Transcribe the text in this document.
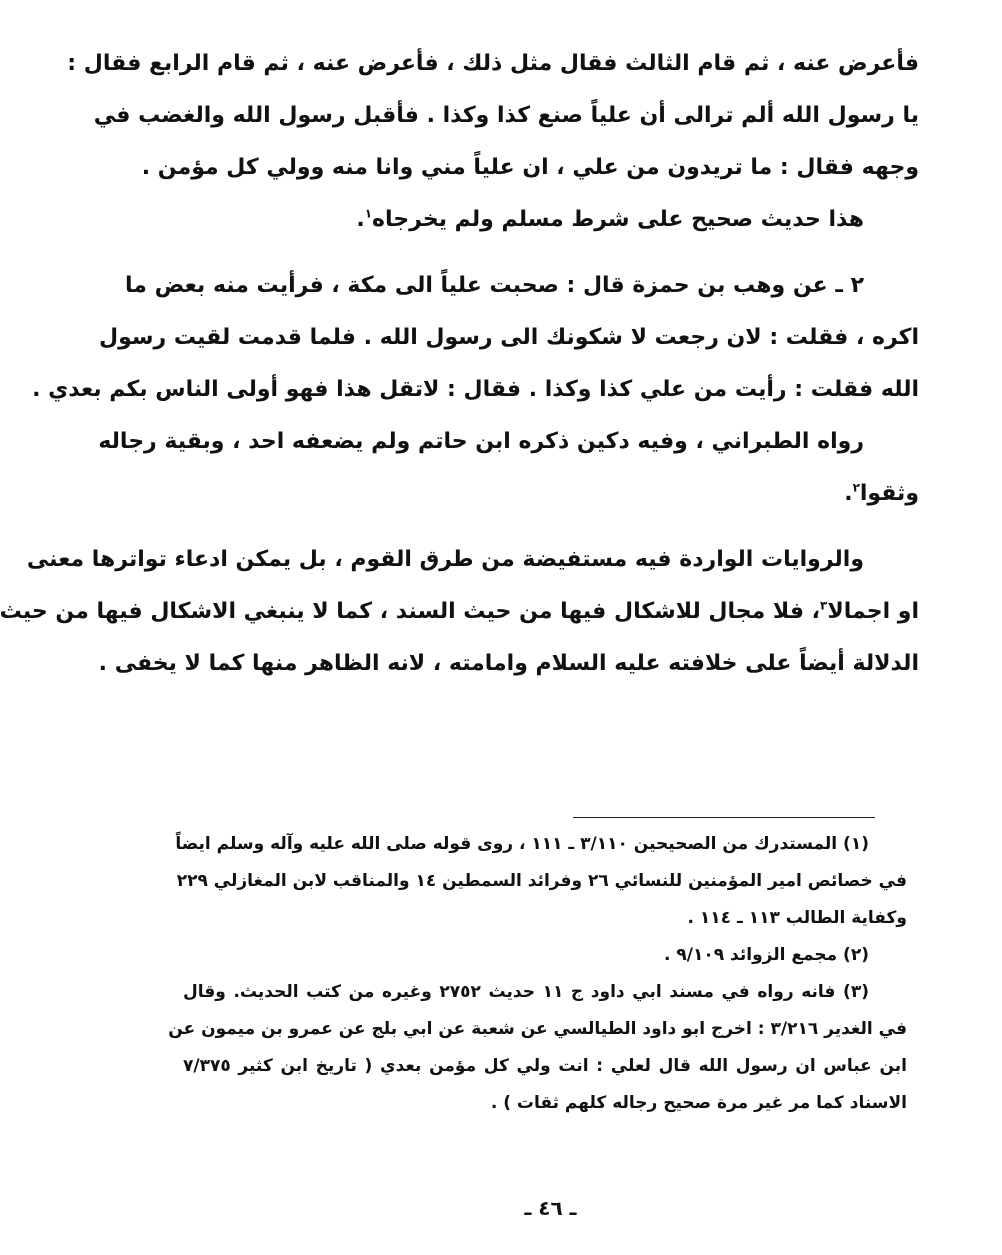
فأعرض عنه ، ثم قام الثالث فقال مثل ذلك ، فأعرض عنه ، ثم قام الرابع فقال :
يا رسول الله ألم ترالى أن علياً صنع كذا وكذا . فأقبل رسول الله والغضب في
وجهه فقال : ما تريدون من علي ، ان علياً مني وانا منه وولي كل مؤمن .
هذا حديث صحيح على شرط مسلم ولم يخرجاه$^١$.
٢ ـ عن وهب بن حمزة قال : صحبت علياً الى مكة ، فرأيت منه بعض ما
اكره ، فقلت : لان رجعت لا شكونك الى رسول الله . فلما قدمت لقيت رسول
الله فقلت : رأيت من علي كذا وكذا . فقال : لاتقل هذا فهو أولى الناس بكم بعدي .
رواه الطبراني ، وفيه دكين ذكره ابن حاتم ولم يضعفه احد ، وبقية رجاله
وثقوا$^٢$.
والروايات الواردة فيه مستفيضة من طرق القوم ، بل يمكن ادعاء تواترها معنى
او اجمالا$^٣$، فلا مجال للاشكال فيها من حيث السند ، كما لا ينبغي الاشكال فيها من حيث
الدلالة أيضاً على خلافته عليه السلام وامامته ، لانه الظاهر منها كما لا يخفى .
(١) المستدرك من الصحيحين ٣/١١٠ ـ ١١١ ، روى قوله صلى الله عليه وآله وسلم ايضاً
في خصائص امير المؤمنين للنسائي ٢٦ وفرائد السمطين ١٤ والمناقب لابن المغازلي ٢٢٩
وكفاية الطالب ١١٣ ـ ١١٤ .
(٢) مجمع الزوائد ٩/١٠٩ .
(٣) فانه رواه في مسند ابي داود ج ١١ حديث ٢٧٥٢ وغيره من كتب الحديث. وقال
في الغدير ٣/٢١٦ : اخرج ابو داود الطيالسي عن شعبة عن ابي بلج عن عمرو بن ميمون عن
ابن عباس ان رسول الله قال لعلي : انت ولي كل مؤمن بعدي ( تاريخ ابن كثير ٧/٣٧٥
الاسناد كما مر غير مرة صحيح رجاله كلهم ثقات ) .
ـ ٤٦ ـ
